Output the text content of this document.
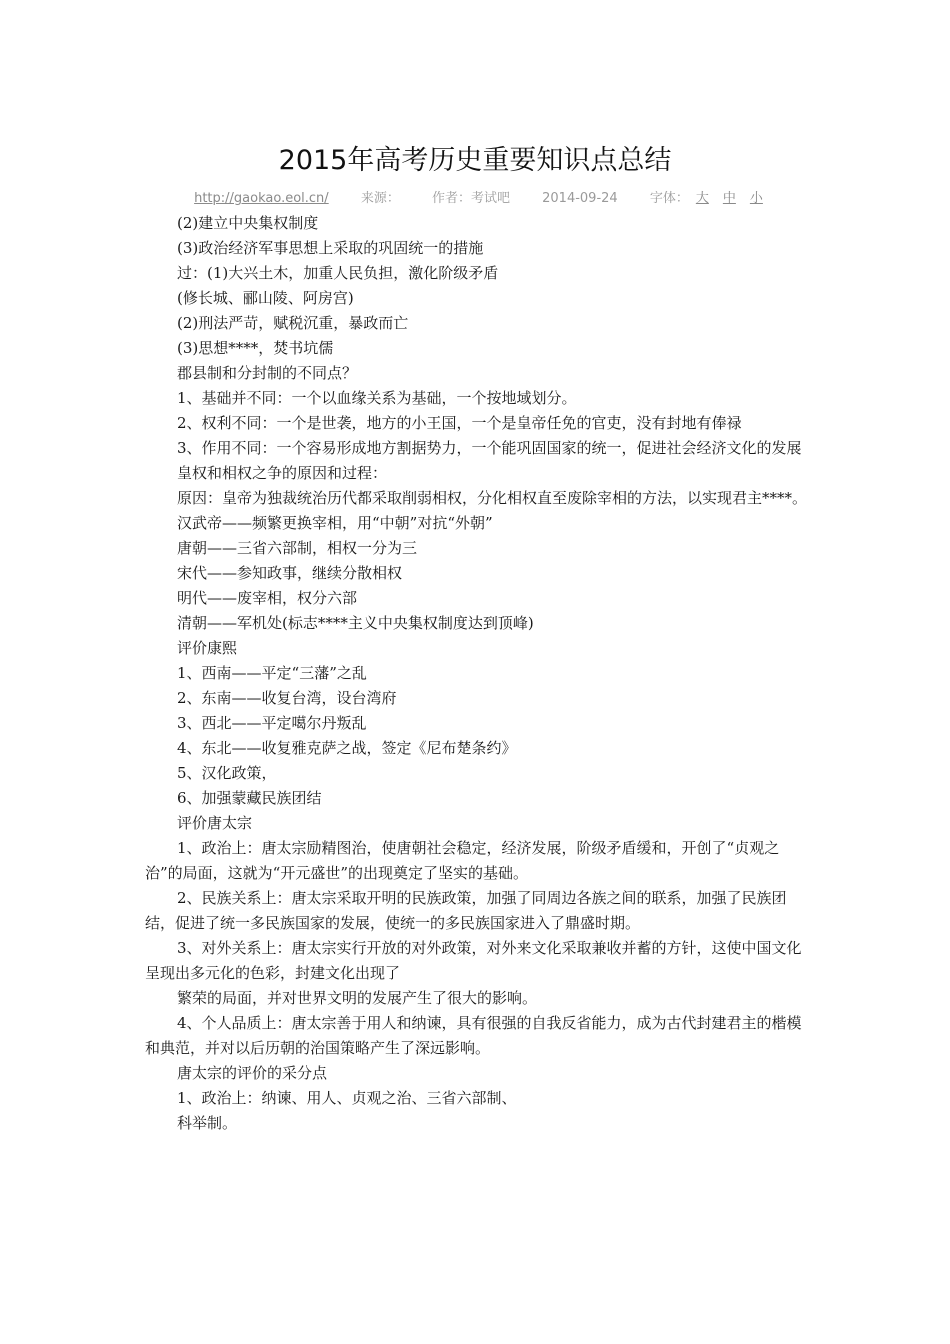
2015年高考历史重要知识点总结
http://gaokao.eol.cn/ 来源： 作者：考试吧 2014-09-24 字体： 大 中 小

(2)建立中央集权制度

(3)政治经济军事思想上采取的巩固统一的措施

过：(1)大兴土木，加重人民负担，激化阶级矛盾

(修长城、郦山陵、阿房宫)

(2)刑法严苛，赋税沉重，暴政而亡

(3)思想****，焚书坑儒

郡县制和分封制的不同点？

1、基础并不同：一个以血缘关系为基础，一个按地域划分。

2、权利不同：一个是世袭，地方的小王国，一个是皇帝任免的官吏，没有封地有俸禄

3、作用不同：一个容易形成地方割据势力，一个能巩固国家的统一，促进社会经济文化的发展

皇权和相权之争的原因和过程：

原因：皇帝为独裁统治历代都采取削弱相权，分化相权直至废除宰相的方法，以实现君主****。

汉武帝——频繁更换宰相，用“中朝”对抗“外朝”

唐朝——三省六部制，相权一分为三

宋代——参知政事，继续分散相权

明代——废宰相，权分六部

清朝——军机处(标志****主义中央集权制度达到顶峰)

评价康熙

1、西南——平定“三藩”之乱

2、东南——收复台湾，设台湾府

3、西北——平定噶尔丹叛乱

4、东北——收复雅克萨之战，签定《尼布楚条约》

5、汉化政策，

6、加强蒙藏民族团结

评价唐太宗

1、政治上：唐太宗励精图治，使唐朝社会稳定，经济发展，阶级矛盾缓和，开创了“贞观之治”的局面，这就为“开元盛世”的出现奠定了坚实的基础。

2、民族关系上：唐太宗采取开明的民族政策，加强了同周边各族之间的联系，加强了民族团结，促进了统一多民族国家的发展，使统一的多民族国家进入了鼎盛时期。

3、对外关系上：唐太宗实行开放的对外政策，对外来文化采取兼收并蓄的方针，这使中国文化呈现出多元化的色彩，封建文化出现了

繁荣的局面，并对世界文明的发展产生了很大的影响。

4、个人品质上：唐太宗善于用人和纳谏，具有很强的自我反省能力，成为古代封建君主的楷模和典范，并对以后历朝的治国策略产生了深远影响。

唐太宗的评价的采分点

1、政治上：纳谏、用人、贞观之治、三省六部制、

科举制。
